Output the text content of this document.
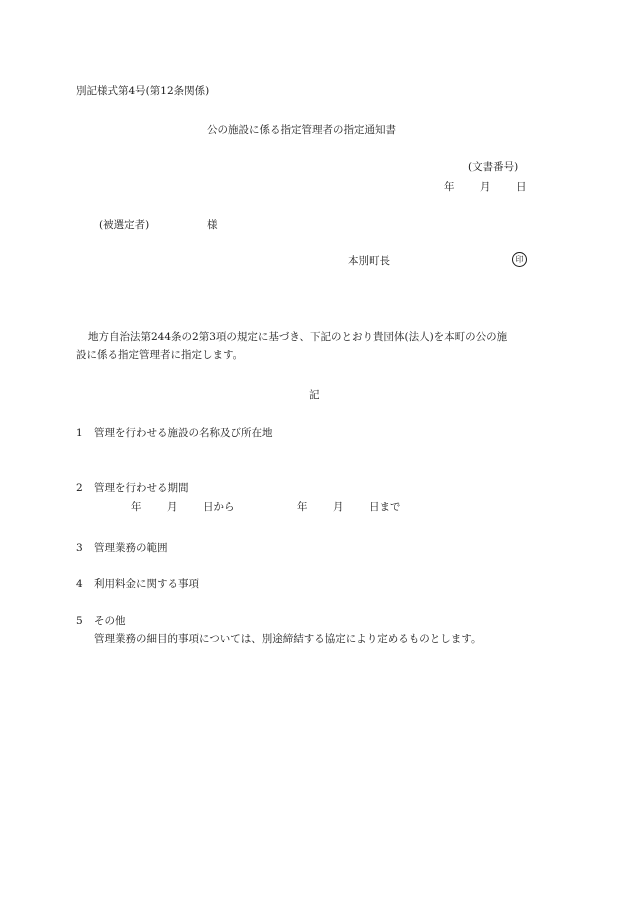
別記様式第4号(第12条関係)
公の施設に係る指定管理者の指定通知書
(文書番号)
年 月 日
(被選定者)	様
本別町長	印
地方自治法第244条の2第3項の規定に基づき、下記のとおり貴団体(法人)を本町の公の施
設に係る指定管理者に指定します。
記
1 管理を行わせる施設の名称及び所在地
2 管理を行わせる期間
年 月 日から	年 月 日まで
3 管理業務の範囲
4 利用料金に関する事項
5 その他
管理業務の細目的事項については、別途締結する協定により定めるものとします。
